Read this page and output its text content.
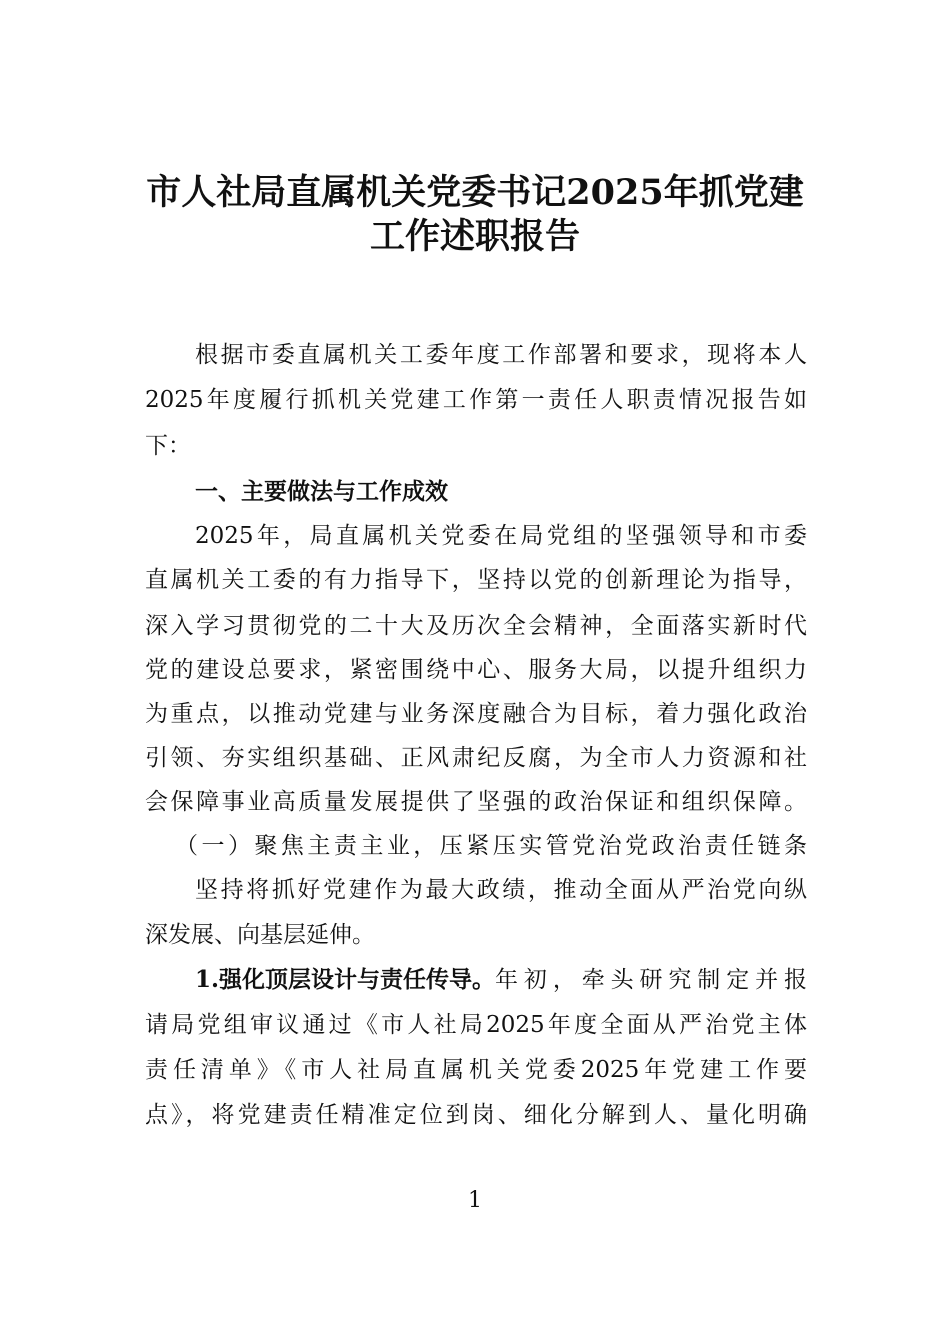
市人社局直属机关党委书记2025年抓党建
工作述职报告
根据市委直属机关工委年度工作部署和要求，现将本人
2025年度履行抓机关党建工作第一责任人职责情况报告如
下：
一、主要做法与工作成效
2025年，局直属机关党委在局党组的坚强领导和市委
直属机关工委的有力指导下，坚持以党的创新理论为指导，
深入学习贯彻党的二十大及历次全会精神，全面落实新时代
党的建设总要求，紧密围绕中心、服务大局，以提升组织力
为重点，以推动党建与业务深度融合为目标，着力强化政治
引领、夯实组织基础、正风肃纪反腐，为全市人力资源和社
会保障事业高质量发展提供了坚强的政治保证和组织保障。
（一）聚焦主责主业，压紧压实管党治党政治责任链条
坚持将抓好党建作为最大政绩，推动全面从严治党向纵
深发展、向基层延伸。
1.强化顶层设计与责任传导。 年初，牵头研究制定并报
请局党组审议通过《市人社局2025年度全面从严治党主体
责任清单》《市人社局直属机关党委2025年党建工作要
点》，将党建责任精准定位到岗、细化分解到人、量化明确
1
